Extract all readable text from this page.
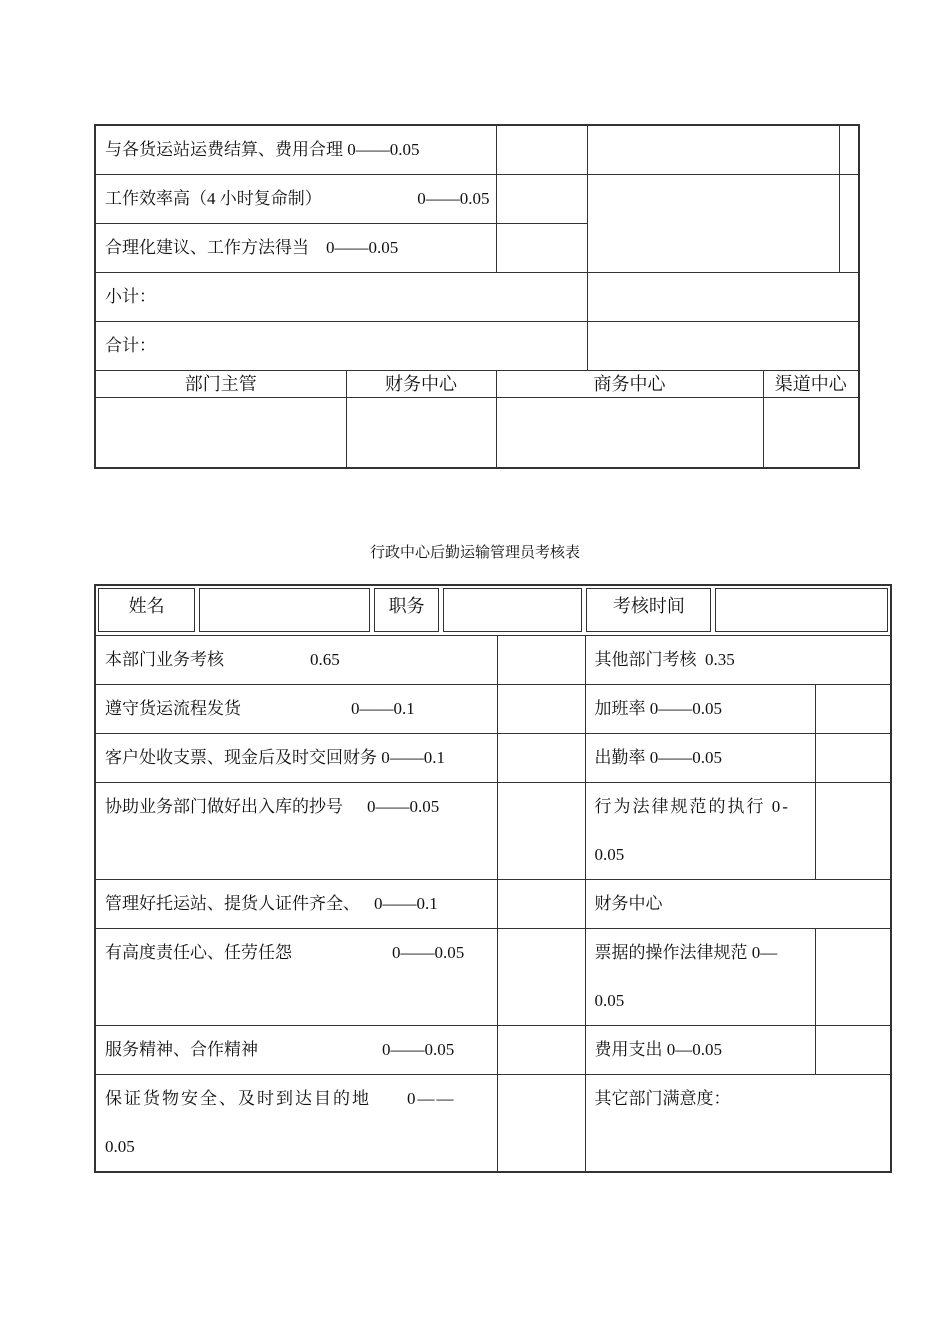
与各货运站运费结算、费用合理 0——0.05					

工作效率高（4 小时复命制） 0——0.05					

合理化建议、工作方法得当 0——0.05					
小计：					
合计：					
部门主管	财务中心	商务中心		渠道中心	

行政中心后勤运输管理员考核表
姓名 职务 考核时间			

本部门业务考核 0.65		其他部门考核 0.35	
遵守货运流程发货 0——0.1		加班率 0——0.05	
客户处收支票、现金后及时交回财务 0——0.1		出勤率 0——0.05	
协助业务部门做好出入库的抄号 0——0.05		行为法律规范的执行 0-
0.05	

管理好托运站、提货人证件齐全、 0——0.1		财务中心	
有高度责任心、任劳任怨 0——0.05		票据的操作法律规范 0—
0.05	

服务精神、合作精神 0——0.05		费用支出 0—0.05	

保证货物安全、及时到达目的地 0——
0.05		其它部门满意度：	
